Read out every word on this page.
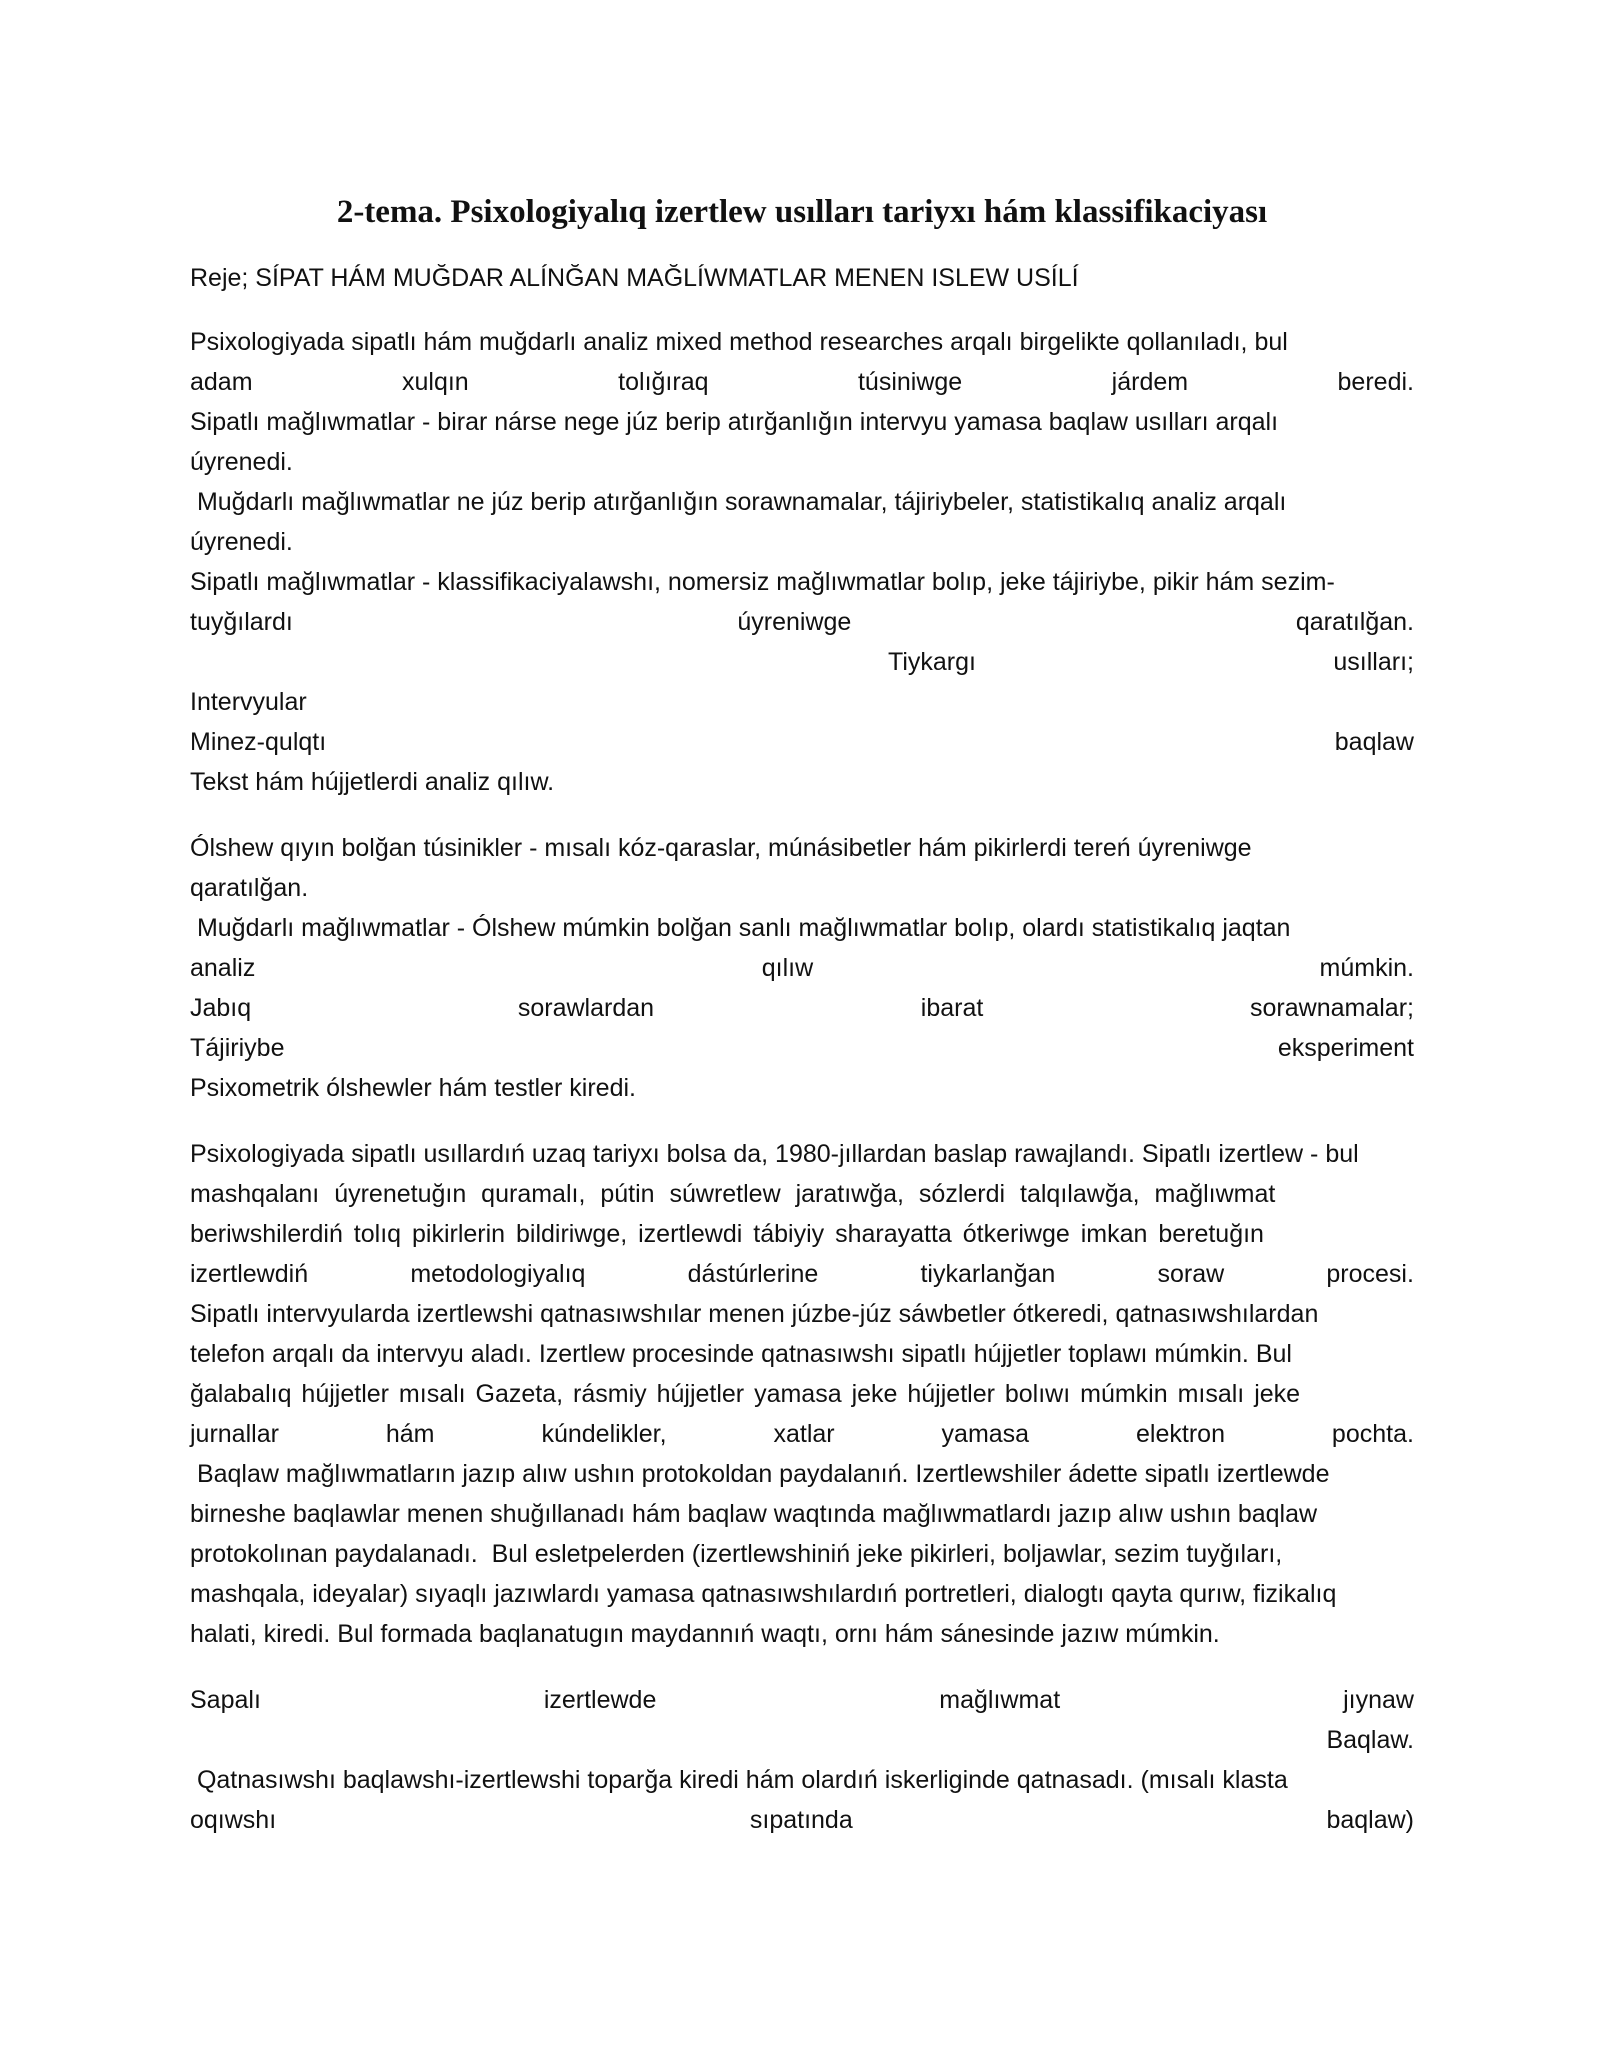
2-tema. Psixologiyalıq izertlew usılları tariyxı hám klassifikaciyası

Reje; SÍPAT HÁM MUĞDAR ALÍNĞAN MAĞLÍWMATLAR MENEN ISLEW USÍLÍ

Psixologiyada sipatlı hám muğdarlı analiz mixed method researches arqalı birgelikte qollanıladı, bul

adam	xulqın	tolığıraq	túsiniwge	járdem	beredi.

Sipatlı mağlıwmatlar - birar nárse nege júz berip atırğanlığın intervyu yamasa baqlaw usılları arqalı

úyrenedi.

Muğdarlı mağlıwmatlar ne júz berip atırğanlığın sorawnamalar, tájiriybeler, statistikalıq analiz arqalı

úyrenedi.

Sipatlı mağlıwmatlar - klassifikaciyalawshı, nomersiz mağlıwmatlar bolıp, jeke tájiriybe, pikir hám sezim-

tuyğılardı	úyreniwge	qaratılğan.

Tiykargı	usılları;

Intervyular

Minez-qulqtı	baqlaw

Tekst hám hújjetlerdi analiz qılıw.

Ólshew qıyın bolğan túsinikler - mısalı kóz-qaraslar, múnásibetler hám pikirlerdi tereń úyreniwge

qaratılğan.

Muğdarlı mağlıwmatlar - Ólshew múmkin bolğan sanlı mağlıwmatlar bolıp, olardı statistikalıq jaqtan

analiz	qılıw	múmkin.

Jabıq	sorawlardan	ibarat	sorawnamalar;

Tájiriybe	eksperiment

Psixometrik ólshewler hám testler kiredi.

Psixologiyada sipatlı usıllardıń uzaq tariyxı bolsa da, 1980-jıllardan baslap rawajlandı. Sipatlı izertlew - bul

mashqalanı úyrenetuğın quramalı, pútin súwretlew jaratıwğa, sózlerdi talqılawğa, mağlıwmat

beriwshilerdiń tolıq pikirlerin bildiriwge, izertlewdi tábiyiy sharayatta ótkeriwge imkan beretuğın

izertlewdiń	metodologiyalıq	dástúrlerine	tiykarlanğan	soraw	procesi.

Sipatlı intervyularda izertlewshi qatnasıwshılar menen júzbe-júz sáwbetler ótkeredi, qatnasıwshılardan

telefon arqalı da intervyu aladı. Izertlew procesinde qatnasıwshı sipatlı hújjetler toplawı múmkin. Bul

ğalabalıq hújjetler mısalı Gazeta, rásmiy hújjetler yamasa jeke hújjetler bolıwı múmkin mısalı jeke

jurnallar	hám	kúndelikler,	xatlar	yamasa	elektron	pochta.

Baqlaw mağlıwmatların jazıp alıw ushın protokoldan paydalanıń. Izertlewshiler ádette sipatlı izertlewde

birneshe baqlawlar menen shuğıllanadı hám baqlaw waqtında mağlıwmatlardı jazıp alıw ushın baqlaw

protokolınan paydalanadı.  Bul esletpelerden (izertlewshiniń jeke pikirleri, boljawlar, sezim tuyğıları,

mashqala, ideyalar) sıyaqlı jazıwlardı yamasa qatnasıwshılardıń portretleri, dialogtı qayta qurıw, fizikalıq

halati, kiredi. Bul formada baqlanatugın maydannıń waqtı, ornı hám sánesinde jazıw múmkin.

Sapalı	izertlewde	mağlıwmat	jıynaw

Baqlaw.

Qatnasıwshı baqlawshı-izertlewshi toparğa kiredi hám olardıń iskerliginde qatnasadı. (mısalı klasta

oqıwshı	sıpatında	baqlaw)
